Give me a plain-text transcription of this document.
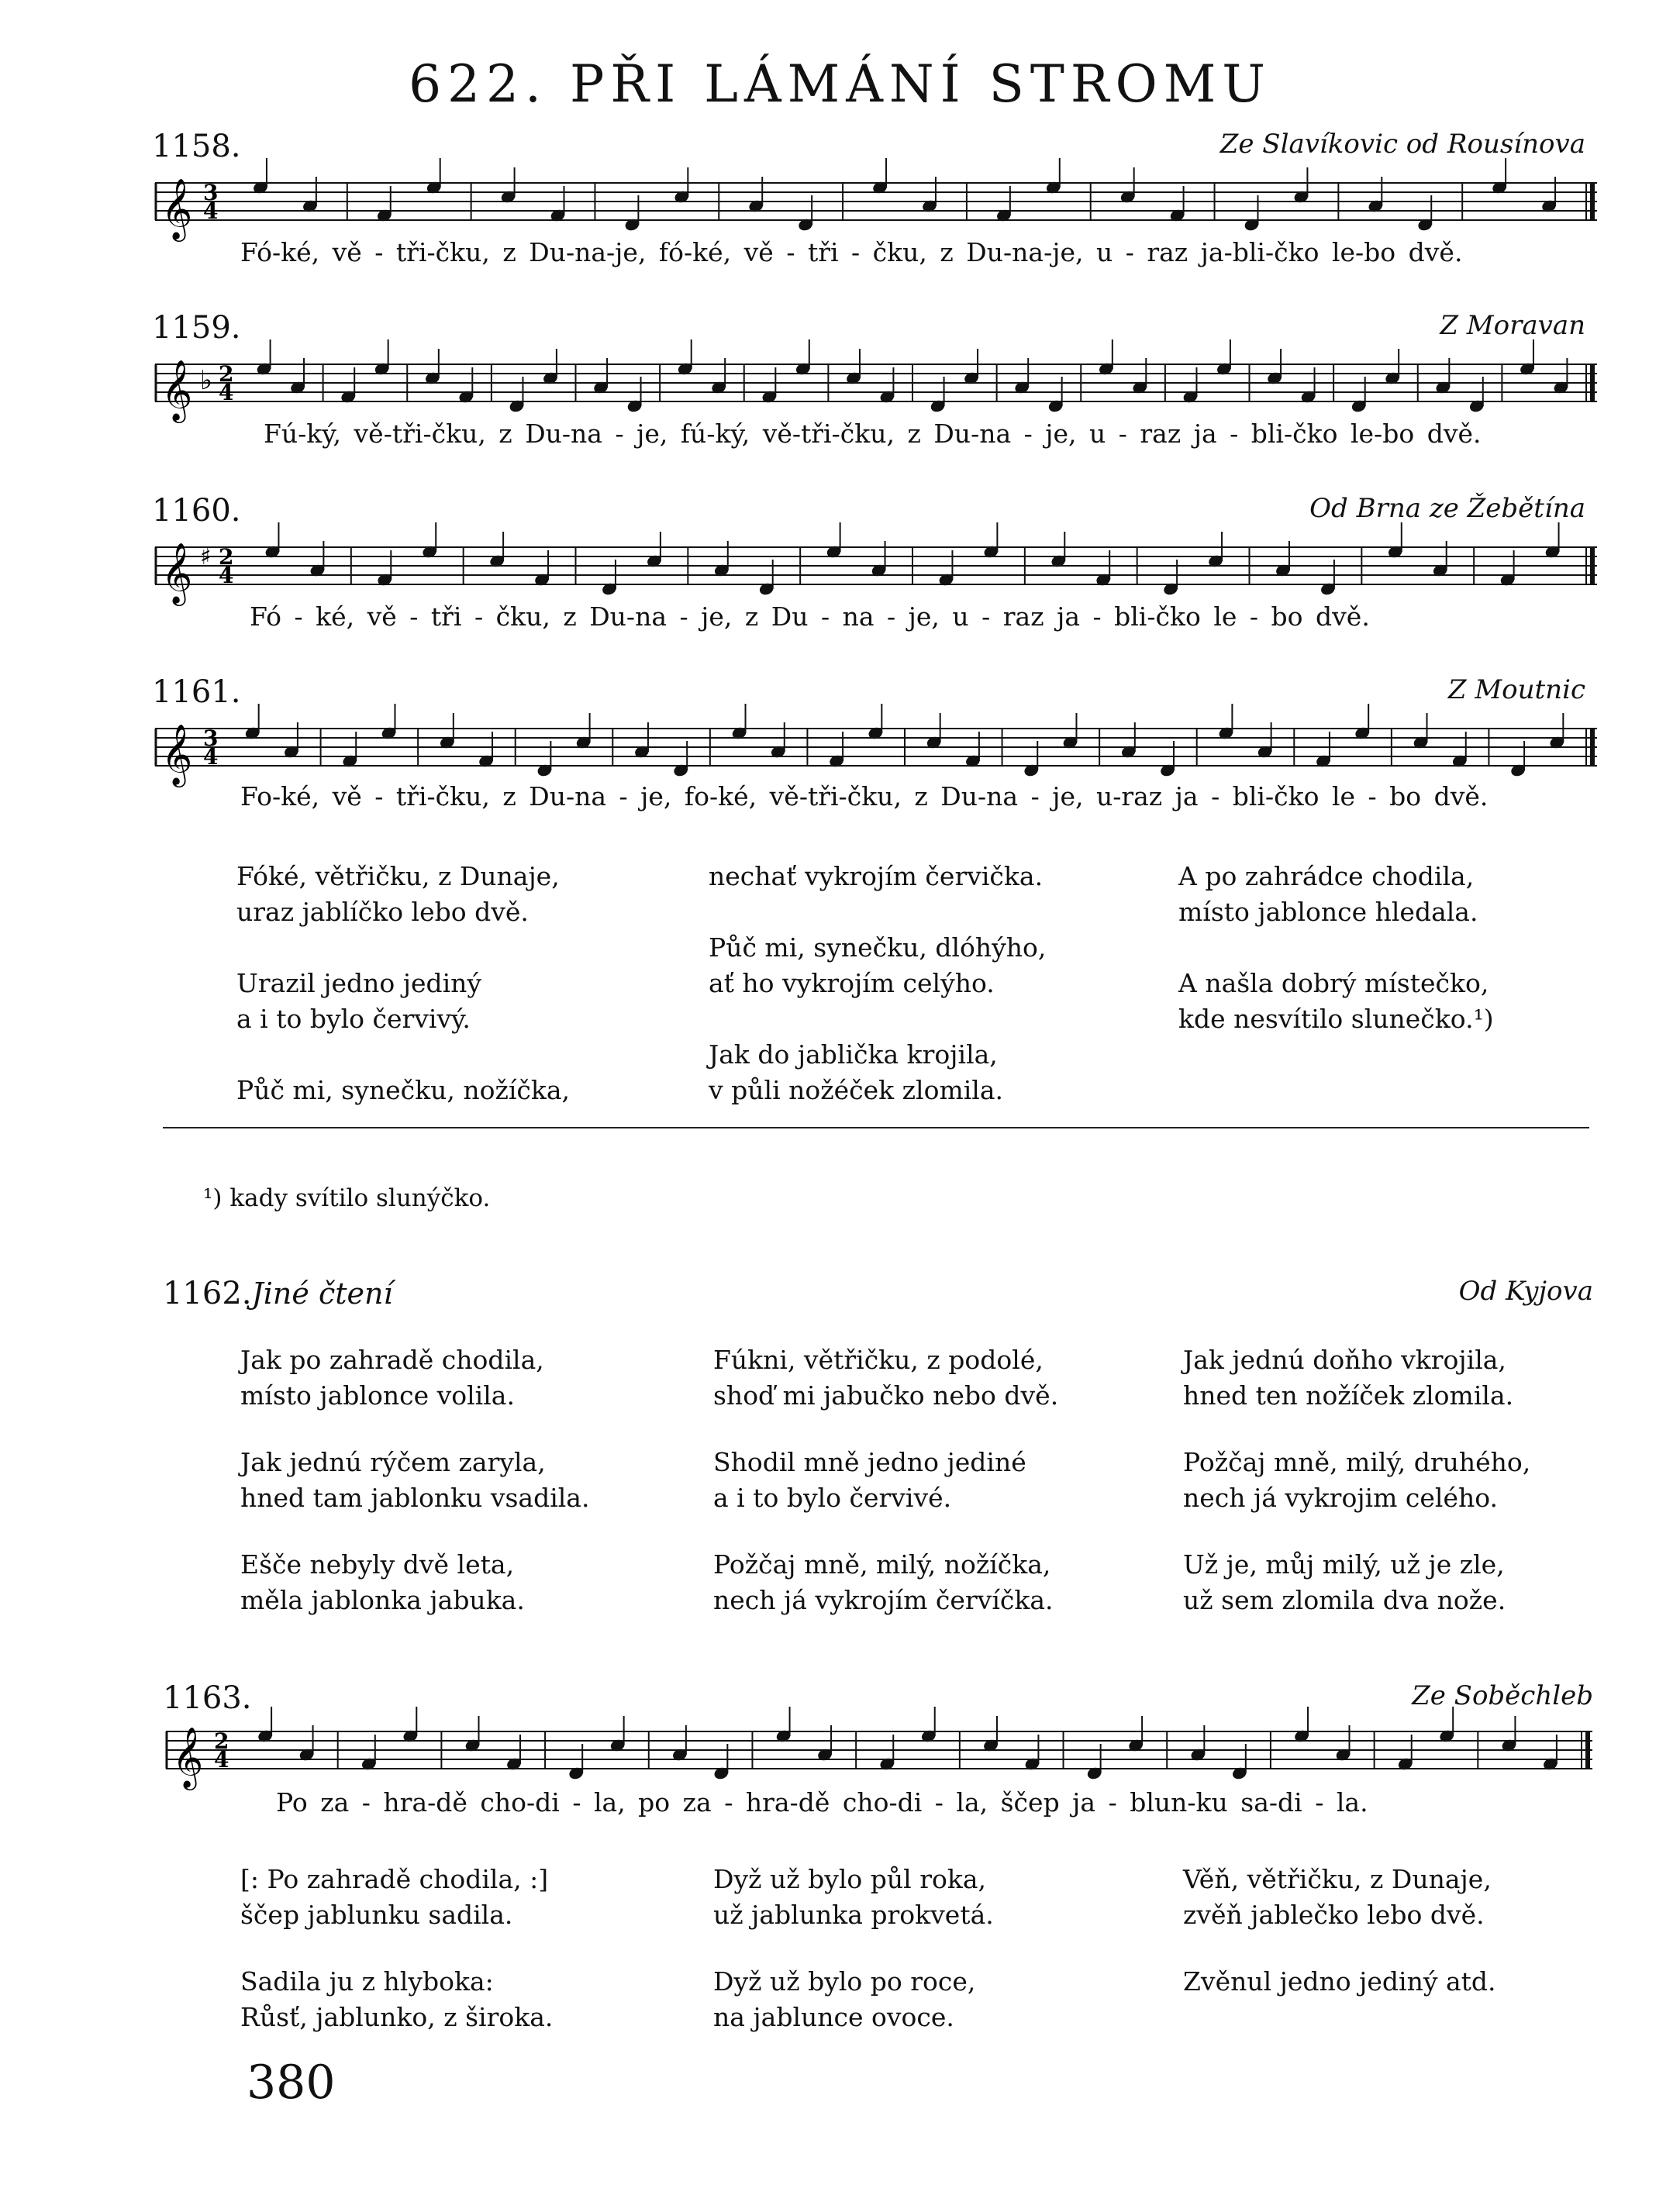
622. PŘI LÁMÁNÍ STROMU
1158.	Ze Slavíkovic od Rousínova
𝄞 3
4
Fó-ké, vě - tři-čku, z Du-na-je, fó-ké, vě - tři - čku, z Du-na-je, u - raz ja-bli-čko le-bo dvě.
1159.	Z Moravan
𝄞 ♭ 2
4
Fú-ký, vě-tři-čku, z Du-na - je, fú-ký, vě-tři-čku, z Du-na - je, u - raz ja - bli-čko le-bo dvě.
1160.	Od Brna ze Žebětína
𝄞 ♯ 2
4
Fó - ké, vě - tři - čku, z Du-na - je, z Du - na - je, u - raz ja - bli-čko le - bo dvě.
1161.	Z Moutnic
𝄞 3
4
Fo-ké, vě - tři-čku, z Du-na - je, fo-ké, vě-tři-čku, z Du-na - je, u-raz ja - bli-čko le - bo dvě.
Fóké, větřičku, z Dunaje,
uraz jablíčko lebo dvě.
Urazil jedno jediný
a i to bylo červivý.
Půč mi, synečku, nožíčka,
nechať vykrojím červička.
Půč mi, synečku, dlóhýho,
ať ho vykrojím celýho.
Jak do jablička krojila,
v půli nožéček zlomila.
A po zahrádce chodila,
místo jablonce hledala.
A našla dobrý místečko,
kde nesvítilo slunečko.¹)
¹) kady svítilo slunýčko.
1162.Jiné čtení	Od Kyjova
Jak po zahradě chodila,
místo jablonce volila.
Jak jednú rýčem zaryla,
hned tam jablonku vsadila.
Ešče nebyly dvě leta,
měla jablonka jabuka.
Fúkni, větřičku, z podolé,
shoď mi jabučko nebo dvě.
Shodil mně jedno jediné
a i to bylo červivé.
Požčaj mně, milý, nožíčka,
nech já vykrojím červíčka.
Jak jednú doňho vkrojila,
hned ten nožíček zlomila.
Požčaj mně, milý, druhého,
nech já vykrojim celého.
Už je, můj milý, už je zle,
už sem zlomila dva nože.
1163.	Ze Soběchleb
𝄞 2
4
Po za - hra-dě cho-di - la, po za - hra-dě cho-di - la, ščep ja - blun-ku sa-di - la.
[: Po zahradě chodila, :]
ščep jablunku sadila.
Sadila ju z hlyboka:
Růsť, jablunko, z široka.
Dyž už bylo půl roka,
už jablunka prokvetá.
Dyž už bylo po roce,
na jablunce ovoce.
Věň, větřičku, z Dunaje,
zvěň jablečko lebo dvě.
Zvěnul jedno jediný atd.
380
